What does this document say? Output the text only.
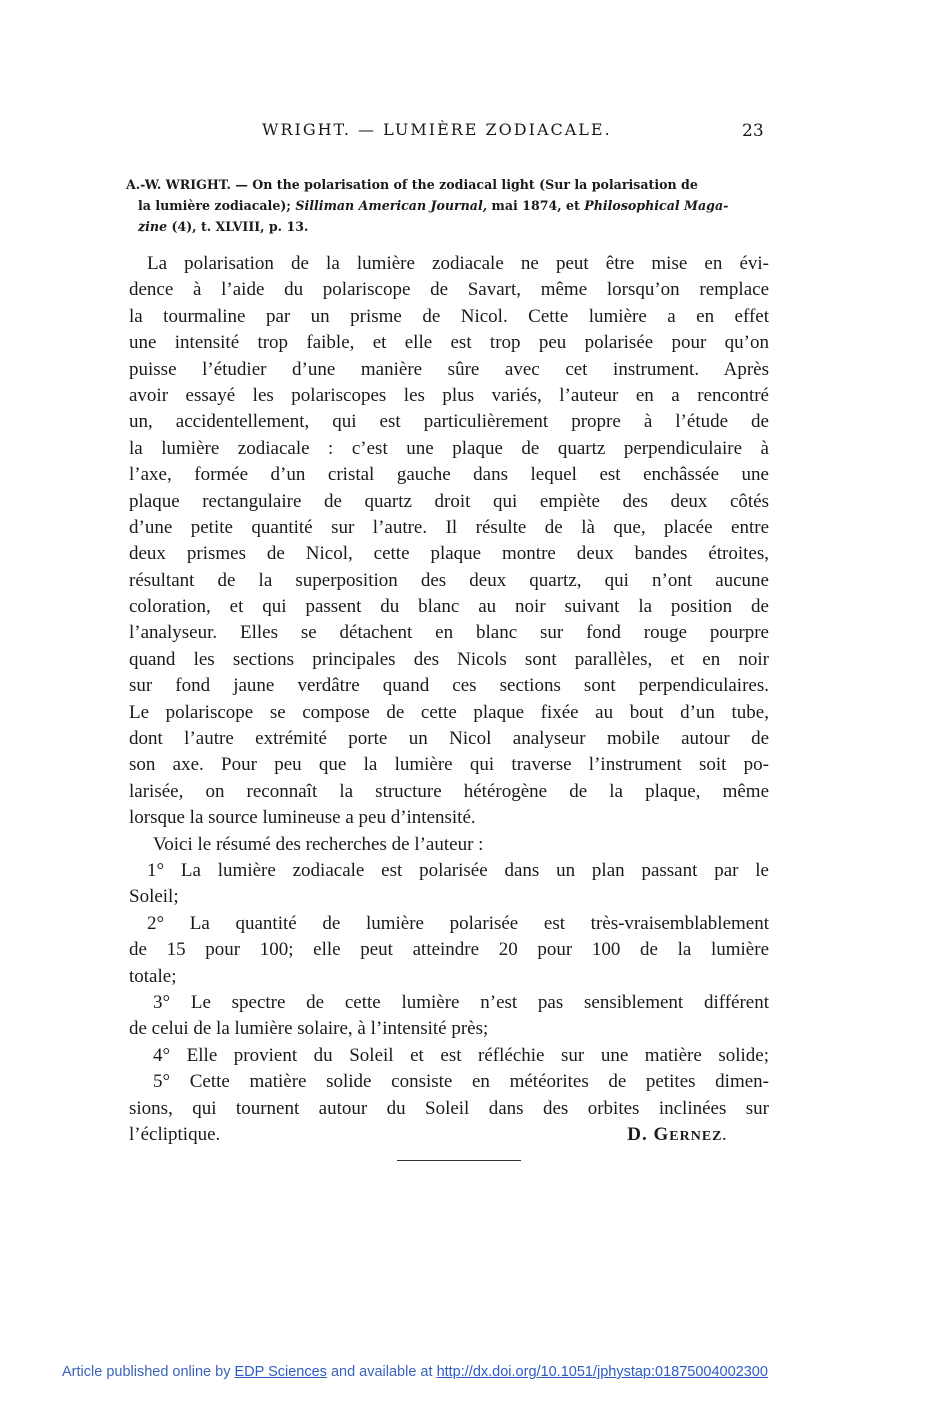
WRIGHT. — LUMIÈRE ZODIACALE.	23
A.-W. WRIGHT. — On the polarisation of the zodiacal light (Sur la polarisation de
la lumière zodiacale); Silliman American Journal, mai 1874, et Philosophical Maga-
zine (4), t. XLVIII, p. 13.
La polarisation de la lumière zodiacale ne peut être mise en évi-
dence à l’aide du polariscope de Savart, même lorsqu’on remplace
la tourmaline par un prisme de Nicol. Cette lumière a en effet
une intensité trop faible, et elle est trop peu polarisée pour qu’on
puisse l’étudier d’une manière sûre avec cet instrument. Après
avoir essayé les polariscopes les plus variés, l’auteur en a rencontré
un, accidentellement, qui est particulièrement propre à l’étude de
la lumière zodiacale : c’est une plaque de quartz perpendiculaire à
l’axe, formée d’un cristal gauche dans lequel est enchâssée une
plaque rectangulaire de quartz droit qui empiète des deux côtés
d’une petite quantité sur l’autre. Il résulte de là que, placée entre
deux prismes de Nicol, cette plaque montre deux bandes étroites,
résultant de la superposition des deux quartz, qui n’ont aucune
coloration, et qui passent du blanc au noir suivant la position de
l’analyseur. Elles se détachent en blanc sur fond rouge pourpre
quand les sections principales des Nicols sont parallèles, et en noir
sur fond jaune verdâtre quand ces sections sont perpendiculaires.
Le polariscope se compose de cette plaque fixée au bout d’un tube,
dont l’autre extrémité porte un Nicol analyseur mobile autour de
son axe. Pour peu que la lumière qui traverse l’instrument soit po-
larisée, on reconnaît la structure hétérogène de la plaque, même
lorsque la source lumineuse a peu d’intensité.
Voici le résumé des recherches de l’auteur :
1° La lumière zodiacale est polarisée dans un plan passant par le
Soleil;
2° La quantité de lumière polarisée est très-vraisemblablement
de 15 pour 100; elle peut atteindre 20 pour 100 de la lumière
totale;
3° Le spectre de cette lumière n’est pas sensiblement différent
de celui de la lumière solaire, à l’intensité près;
4° Elle provient du Soleil et est réfléchie sur une matière solide;
5° Cette matière solide consiste en météorites de petites dimen-
sions, qui tournent autour du Soleil dans des orbites inclinées sur
l’écliptique.	D. GERNEZ.
Article published online by EDP Sciences and available at http://dx.doi.org/10.1051/jphystap:01875004002300
